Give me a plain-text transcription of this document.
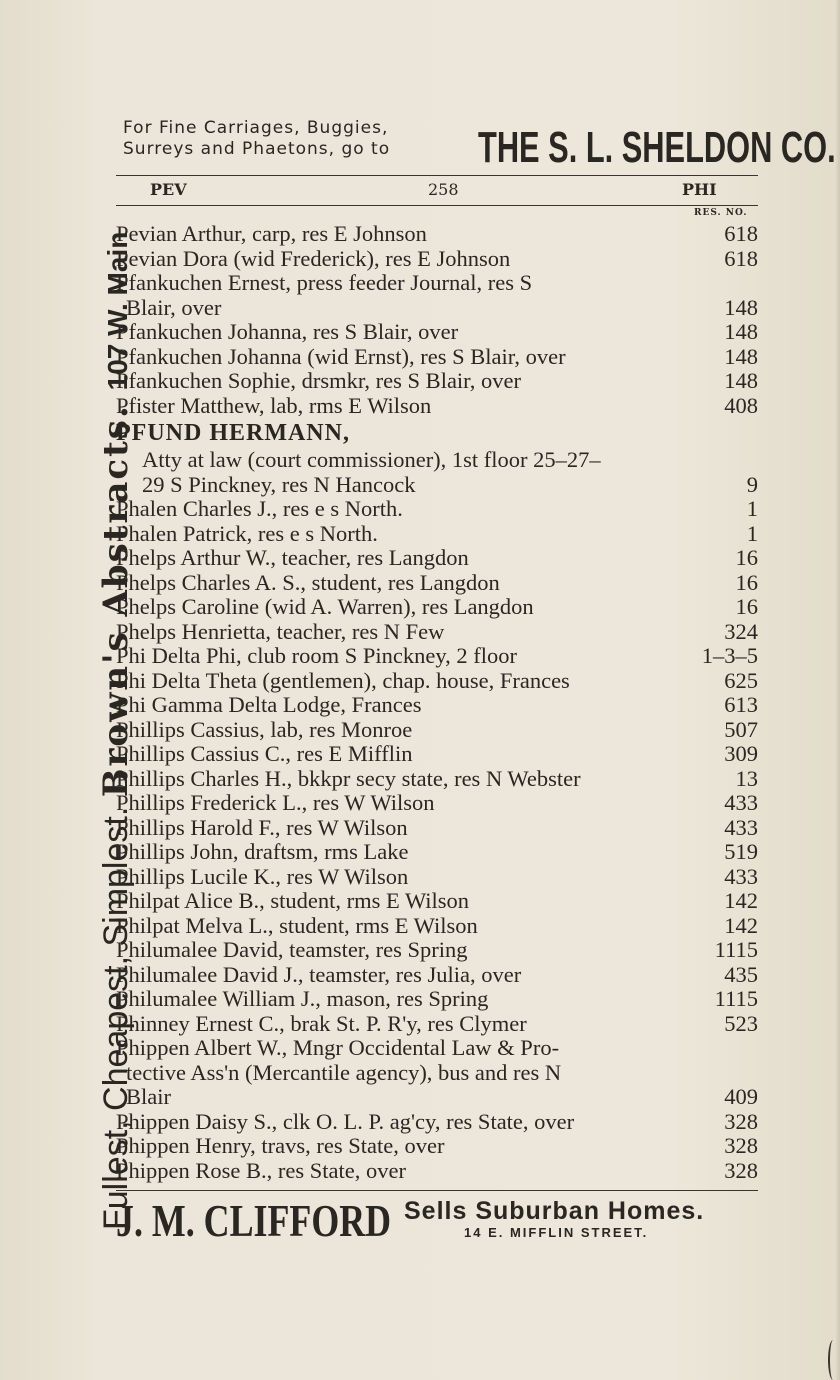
Fullest, Cheapest, Simplest. Brown's Abstracts. 107 W. Main
For Fine Carriages, Buggies,
Surreys and Phaetons, go to THE S. L. SHELDON CO.
PEV	258	PHI
RES. NO.
Pevian Arthur, carp, res E Johnson	618
Pevian Dora (wid Frederick), res E Johnson	618
Pfankuchen Ernest, press feeder Journal, res S
Blair, over	148
Pfankuchen Johanna, res S Blair, over	148
Pfankuchen Johanna (wid Ernst), res S Blair, over	148
Pfankuchen Sophie, drsmkr, res S Blair, over	148
Pfister Matthew, lab, rms E Wilson	408
PFUND HERMANN,
Atty at law (court commissioner), 1st floor 25–27–
29 S Pinckney, res N Hancock	9
Phalen Charles J., res e s North.	1
Phalen Patrick, res e s North.	1
Phelps Arthur W., teacher, res Langdon	16
Phelps Charles A. S., student, res Langdon	16
Phelps Caroline (wid A. Warren), res Langdon	16
Phelps Henrietta, teacher, res N Few	324
Phi Delta Phi, club room S Pinckney, 2 floor	1–3–5
Phi Delta Theta (gentlemen), chap. house, Frances	625
Phi Gamma Delta Lodge, Frances	613
Phillips Cassius, lab, res Monroe	507
Phillips Cassius C., res E Mifflin	309
Phillips Charles H., bkkpr secy state, res N Webster	13
Phillips Frederick L., res W Wilson	433
Phillips Harold F., res W Wilson	433
Phillips John, draftsm, rms Lake	519
Phillips Lucile K., res W Wilson	433
Philpat Alice B., student, rms E Wilson	142
Philpat Melva L., student, rms E Wilson	142
Philumalee David, teamster, res Spring	1115
Philumalee David J., teamster, res Julia, over	435
Philumalee William J., mason, res Spring	1115
Phinney Ernest C., brak St. P. R'y, res Clymer	523
Phippen Albert W., Mngr Occidental Law & Pro-
tective Ass'n (Mercantile agency), bus and res N
Blair	409
Phippen Daisy S., clk O. L. P. ag'cy, res State, over	328
Phippen Henry, travs, res State, over	328
Phippen Rose B., res State, over	328
J. M. CLIFFORD Sells Suburban Homes.
14 E. MIFFLIN STREET.
